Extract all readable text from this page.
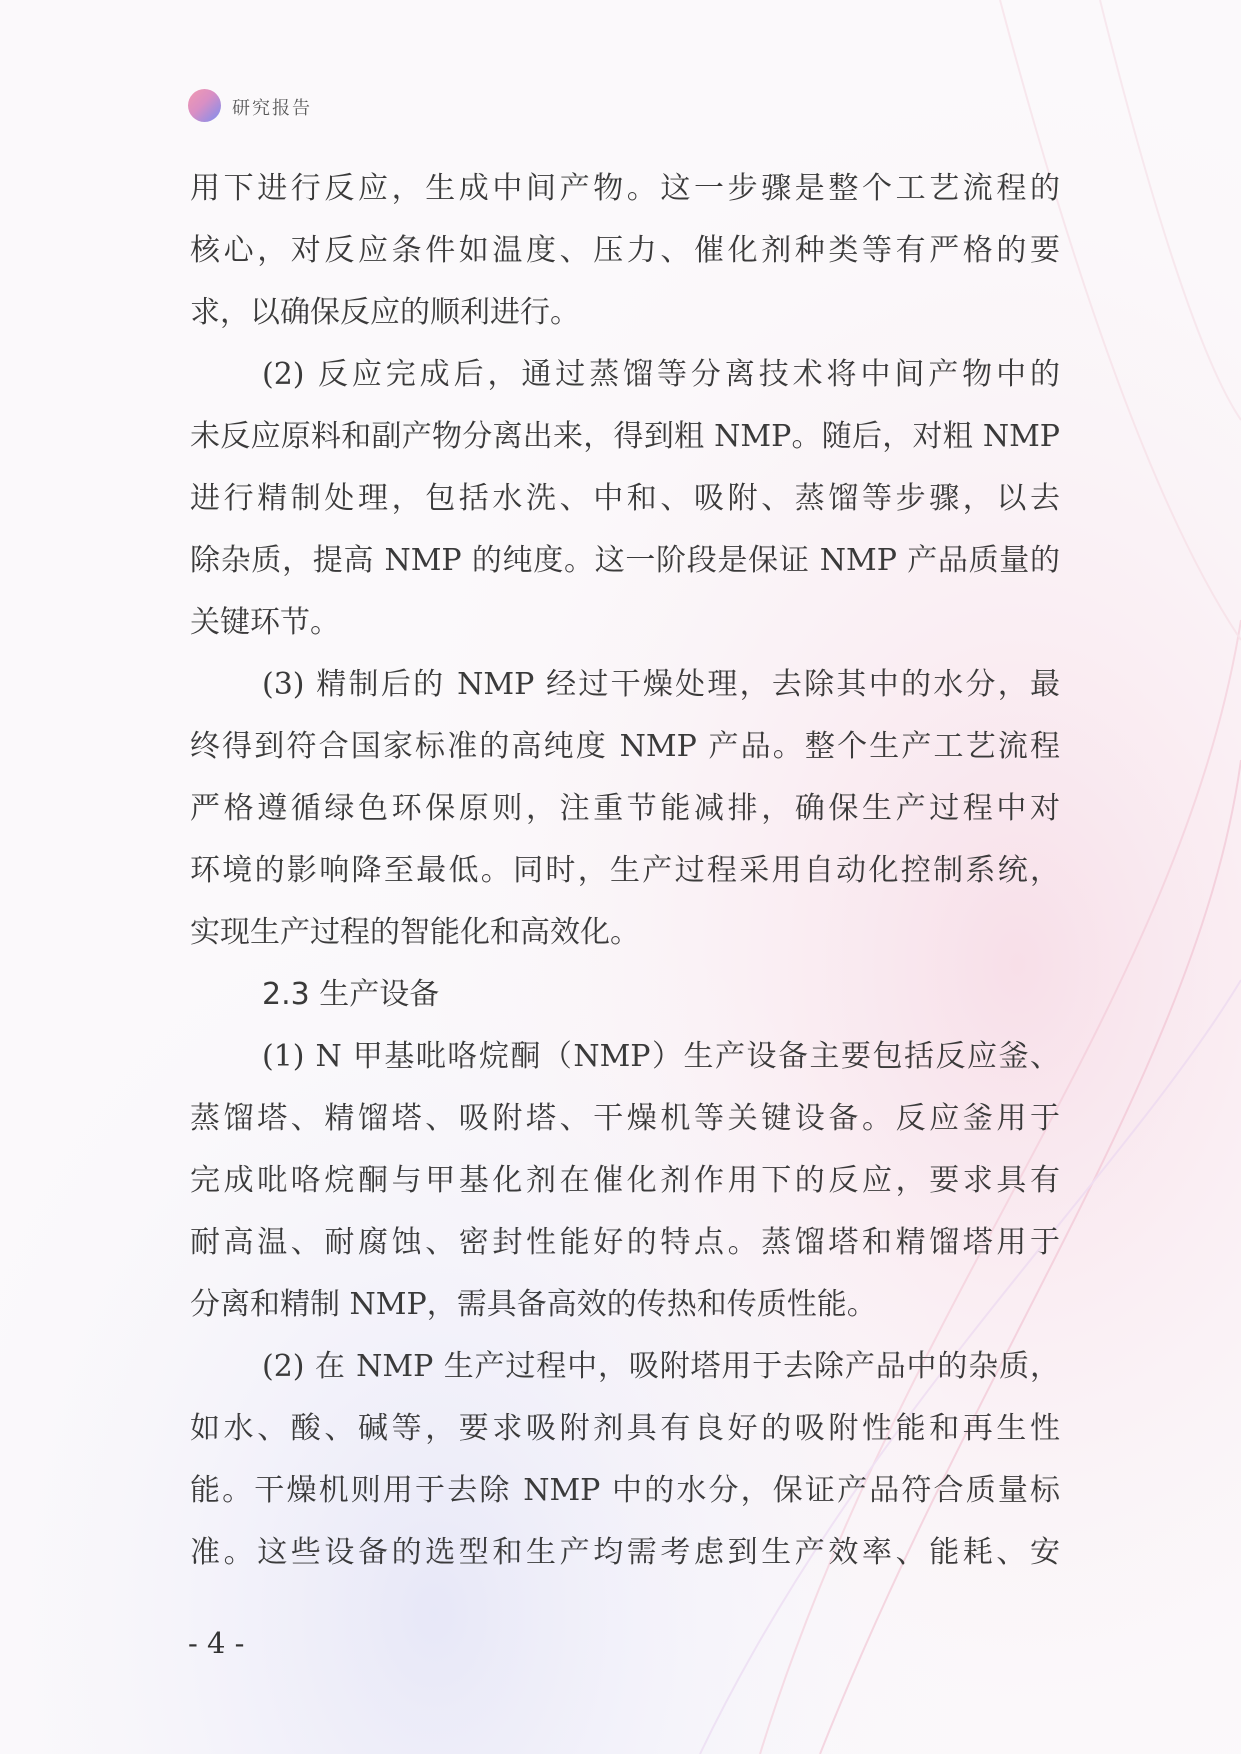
研究报告
用下进行反应，生成中间产物。这一步骤是整个工艺流程的
核心，对反应条件如温度、压力、催化剂种类等有严格的要
求，以确保反应的顺利进行。
(2) 反应完成后，通过蒸馏等分离技术将中间产物中的
未反应原料和副产物分离出来，得到粗 NMP。随后，对粗 NMP
进行精制处理，包括水洗、中和、吸附、蒸馏等步骤，以去
除杂质，提高 NMP 的纯度。这一阶段是保证 NMP 产品质量的
关键环节。
(3) 精制后的 NMP 经过干燥处理，去除其中的水分，最
终得到符合国家标准的高纯度 NMP 产品。整个生产工艺流程
严格遵循绿色环保原则，注重节能减排，确保生产过程中对
环境的影响降至最低。同时，生产过程采用自动化控制系统，
实现生产过程的智能化和高效化。
2.3 生产设备
(1) N 甲基吡咯烷酮（NMP）生产设备主要包括反应釜、
蒸馏塔、精馏塔、吸附塔、干燥机等关键设备。反应釜用于
完成吡咯烷酮与甲基化剂在催化剂作用下的反应，要求具有
耐高温、耐腐蚀、密封性能好的特点。蒸馏塔和精馏塔用于
分离和精制 NMP，需具备高效的传热和传质性能。
(2) 在 NMP 生产过程中，吸附塔用于去除产品中的杂质，
如水、酸、碱等，要求吸附剂具有良好的吸附性能和再生性
能。干燥机则用于去除 NMP 中的水分，保证产品符合质量标
准。这些设备的选型和生产均需考虑到生产效率、能耗、安
- 4 -
